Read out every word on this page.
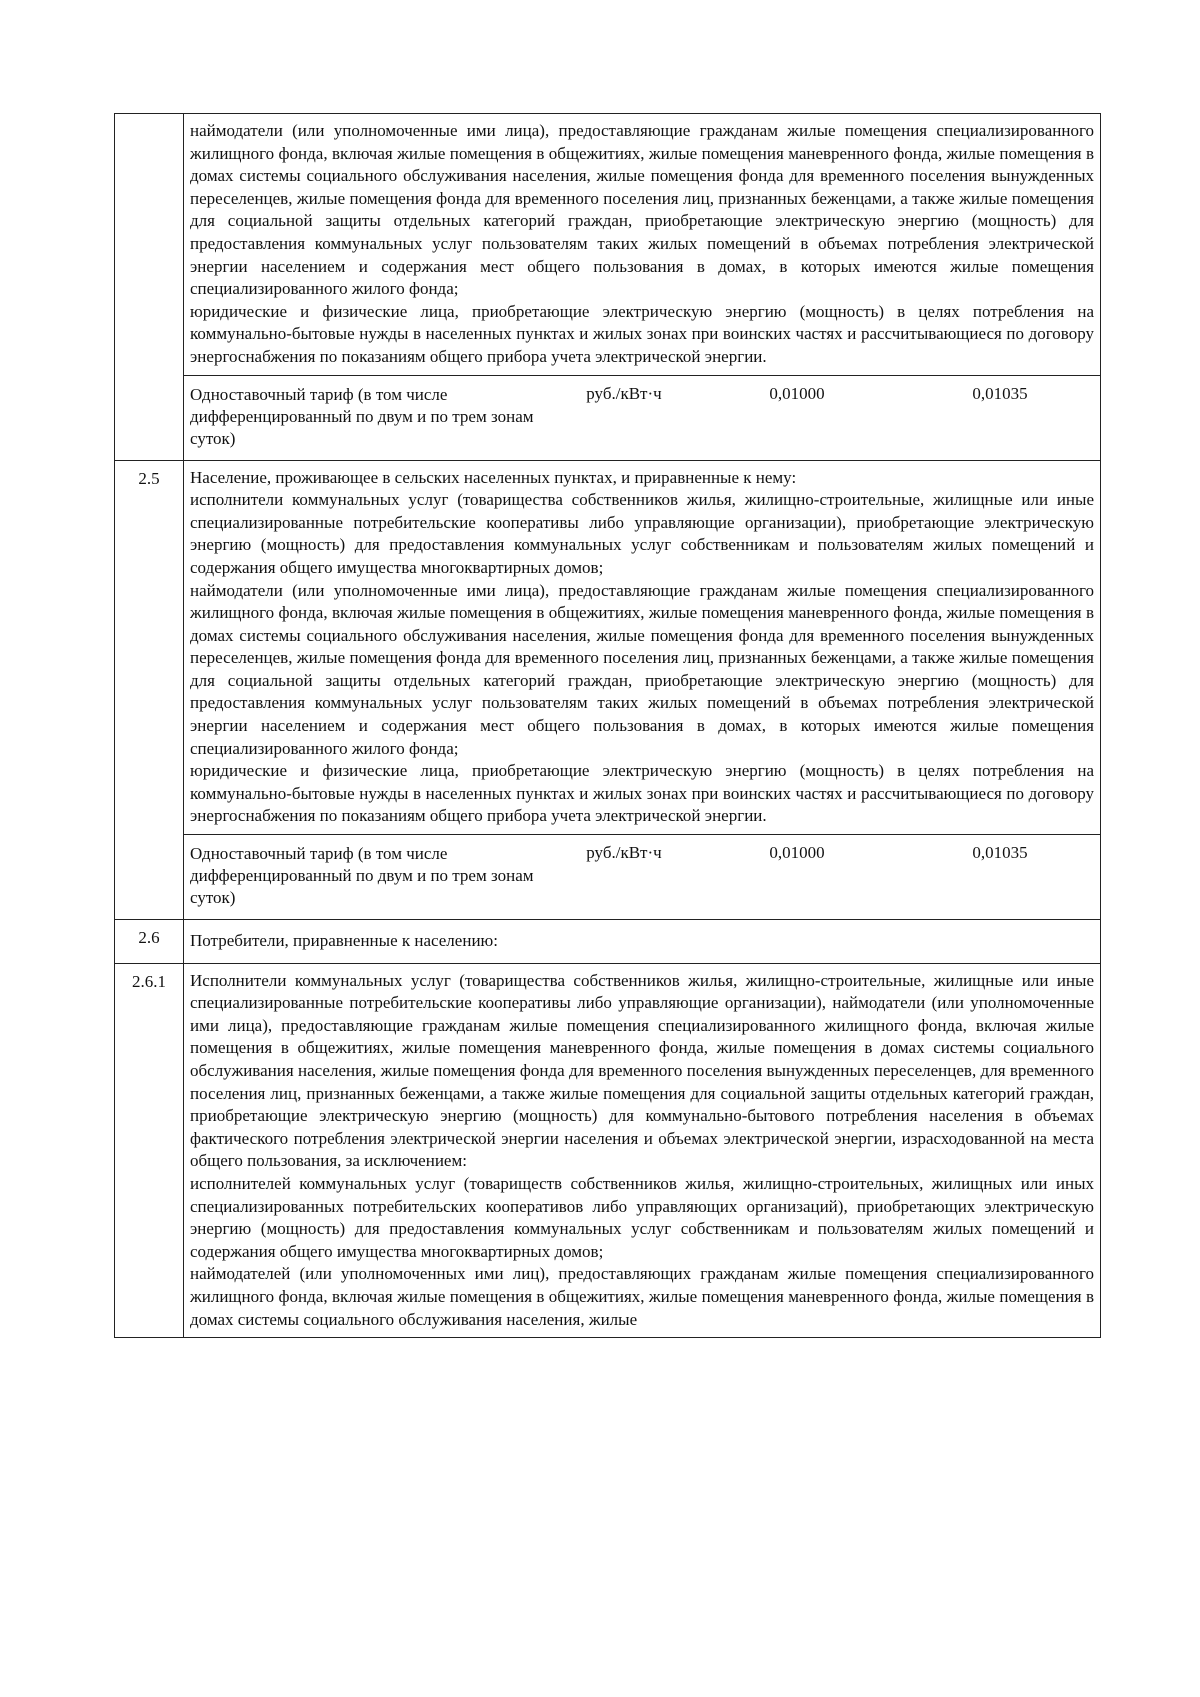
наймодатели (или уполномоченные ими лица), предоставляющие гражданам жилые помещения специализированного жилищного фонда, включая жилые помещения в общежитиях, жилые помещения маневренного фонда, жилые помещения в домах системы социального обслуживания населения, жилые помещения фонда для временного поселения вынужденных переселенцев, жилые помещения фонда для временного поселения лиц, признанных беженцами, а также жилые помещения для социальной защиты отдельных категорий граждан, приобретающие электрическую энергию (мощность) для предоставления коммунальных услуг пользователям таких жилых помещений в объемах потребления электрической энергии населением и содержания мест общего пользования в домах, в которых имеются жилые помещения специализированного жилого фонда;

юридические и физические лица, приобретающие электрическую энергию (мощность) в целях потребления на коммунально-бытовые нужды в населенных пунктах и жилых зонах при воинских частях и рассчитывающиеся по договору энергоснабжения по показаниям общего прибора учета электрической энергии.

Одноставочный тариф (в том числе дифференцированный по двум и по трем зонам суток)	руб./кВт·ч	0,01000	0,01035

2.5	Население, проживающее в сельских населенных пунктах, и приравненные к нему:

исполнители коммунальных услуг (товарищества собственников жилья, жилищно-строительные, жилищные или иные специализированные потребительские кооперативы либо управляющие организации), приобретающие электрическую энергию (мощность) для предоставления коммунальных услуг собственникам и пользователям жилых помещений и содержания общего имущества многоквартирных домов;

наймодатели (или уполномоченные ими лица), предоставляющие гражданам жилые помещения специализированного жилищного фонда, включая жилые помещения в общежитиях, жилые помещения маневренного фонда, жилые помещения в домах системы социального обслуживания населения, жилые помещения фонда для временного поселения вынужденных переселенцев, жилые помещения фонда для временного поселения лиц, признанных беженцами, а также жилые помещения для социальной защиты отдельных категорий граждан, приобретающие электрическую энергию (мощность) для предоставления коммунальных услуг пользователям таких жилых помещений в объемах потребления электрической энергии населением и содержания мест общего пользования в домах, в которых имеются жилые помещения специализированного жилого фонда;

юридические и физические лица, приобретающие электрическую энергию (мощность) в целях потребления на коммунально-бытовые нужды в населенных пунктах и жилых зонах при воинских частях и рассчитывающиеся по договору энергоснабжения по показаниям общего прибора учета электрической энергии.

Одноставочный тариф (в том числе дифференцированный по двум и по трем зонам суток)	руб./кВт·ч	0,01000	0,01035

2.6	Потребители, приравненные к населению:
2.6.1	Исполнители коммунальных услуг (товарищества собственников жилья, жилищно-строительные, жилищные или иные специализированные потребительские кооперативы либо управляющие организации), наймодатели (или уполномоченные ими лица), предоставляющие гражданам жилые помещения специализированного жилищного фонда, включая жилые помещения в общежитиях, жилые помещения маневренного фонда, жилые помещения в домах системы социального обслуживания населения, жилые помещения фонда для временного поселения вынужденных переселенцев, для временного поселения лиц, признанных беженцами, а также жилые помещения для социальной защиты отдельных категорий граждан, приобретающие электрическую энергию (мощность) для коммунально-бытового потребления населения в объемах фактического потребления электрической энергии населения и объемах электрической энергии, израсходованной на места общего пользования, за исключением:

исполнителей коммунальных услуг (товариществ собственников жилья, жилищно-строительных, жилищных или иных специализированных потребительских кооперативов либо управляющих организаций), приобретающих электрическую энергию (мощность) для предоставления коммунальных услуг собственникам и пользователям жилых помещений и содержания общего имущества многоквартирных домов;

наймодателей (или уполномоченных ими лиц), предоставляющих гражданам жилые помещения специализированного жилищного фонда, включая жилые помещения в общежитиях, жилые помещения маневренного фонда, жилые помещения в домах системы социального обслуживания населения, жилые
